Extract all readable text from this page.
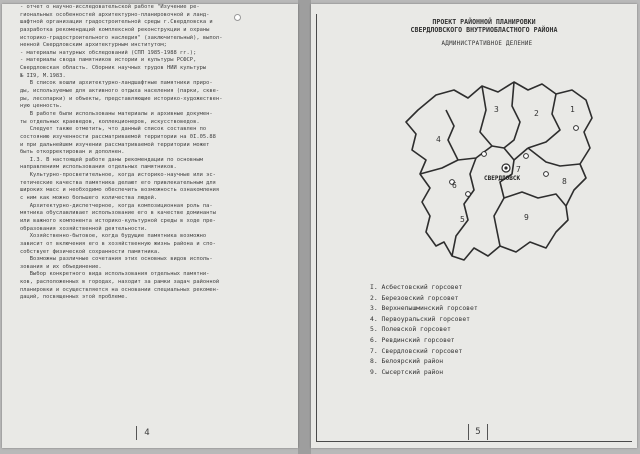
- отчет о научно-исследовательской работе "Изучение ре-
гиональных особенностей архитектурно-планировочной и ланд-
шафтной организации градостроительной среды г.Свердловска и
разработка рекомендаций комплексной реконструкции и охраны
историко-градостроительного наследия" (заключительный), выпол-
ненной Свердловским архитектурным институтом;
- материалы натурных обследований (СПП 1985-1988 гг.);
- материалы свода памятников истории и культуры РСФСР,
Свердловская область. Сборник научных трудов НИИ культуры
№ II9, М.1983.
В список вошли архитектурно-ландшафтные памятники приро-
ды, используемые для активного отдыха населения (парки, скве-
ры, лесопарки) и объекты, представляющие историко-художествен-
ную ценность.
В работе были использованы материалы и архивные докумен-
ты отдельных краеведов, коллекционеров, искусствоведов.
Следует также отметить, что данный список составлен по
состоянию изученности рассматриваемой территории на 0I.05.88
и при дальнейшем изучении рассматриваемой территории может
быть откорректирован и дополнен.
I.3. В настоящей работе даны рекомендации по основным
направлениям использования отдельных памятников.
Культурно-просветительное, когда историко-научные или эс-
тетические качества памятника делают его привлекательным для
широких масс и необходимо обеспечить возможность ознакомления
с ним как можно большего количества людей.
Архитектурно-диспетчерное, когда композиционная роль па-
мятника обуславливает использование его в качестве доминанты
или важного компонента историко-культурной среды в ходе пре-
образования хозяйственной деятельности.
Хозяйственно-бытовое, когда будущие памятника возможно
зависит от включения его в хозяйственную жизнь района и спо-
собствует физической сохранности памятника.
Возможны различные сочетания этих основных видов исполь-
зования и их объединение.
Выбор конкретного вида использования отдельных памятни-
ков, расположенных в городах, находит за рамки задач районной
планировки и осуществляется на основании специальных рекомен-
даций, посвященных этой проблеме.
4
ПРОЕКТ РАЙОННОЙ ПЛАНИРОВКИ
СВЕРДЛОВСКОГО ВНУТРИОБЛАСТНОГО РАЙОНА
АДМИНИСТРАТИВНОЕ ДЕЛЕНИЕ
СВЕРДЛОВСК
1
2
3
4
5
6
7
8
9
I. Асбестовский горсовет
2. Березовский горсовет
3. Верхнепышминский горсовет
4. Первоуральский горсовет
5. Полевской горсовет
6. Ревдинский горсовет
7. Свердловский горсовет
8. Белоярский район
9. Сысертский район
5
